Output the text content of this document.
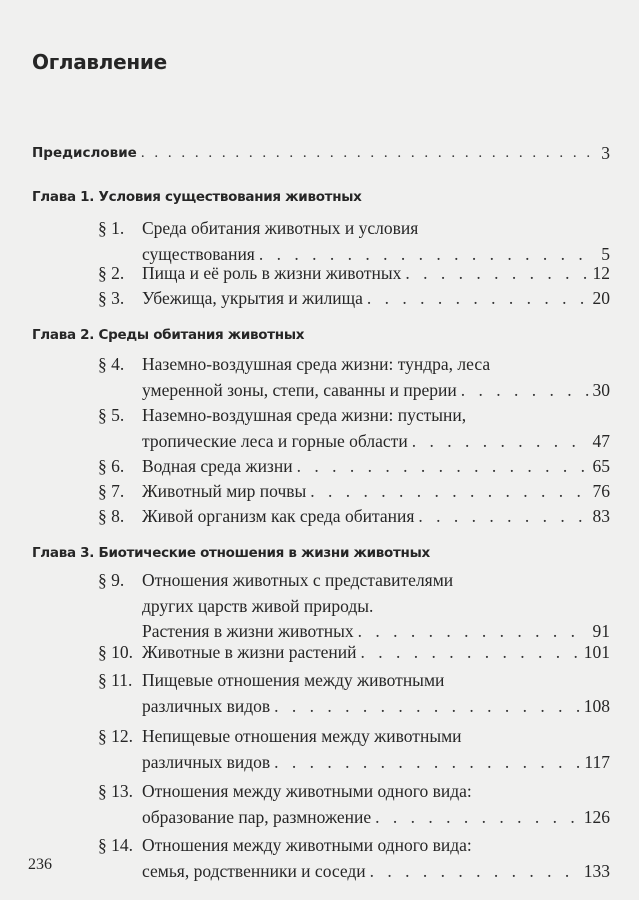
Оглавление
Предисловие . . .	3
Глава 1. Условия существования животных
§ 1. Среда обитания животных и условия
существования . . .	5
§ 2. Пища и её роль в жизни животных . . .	12
§ 3. Убежища, укрытия и жилища . . .	20
Глава 2. Среды обитания животных
§ 4. Наземно-воздушная среда жизни: тундра, леса
умеренной зоны, степи, саванны и прерии . . .	30
§ 5. Наземно-воздушная среда жизни: пустыни,
тропические леса и горные области . . .	47
§ 6. Водная среда жизни . . .	65
§ 7. Животный мир почвы . . .	76
§ 8. Живой организм как среда обитания . . .	83
Глава 3. Биотические отношения в жизни животных
§ 9. Отношения животных с представителями
других царств живой природы.
Растения в жизни животных . . .	91
§ 10. Животные в жизни растений . . .	101
§ 11. Пищевые отношения между животными
различных видов . . .	108
§ 12. Непищевые отношения между животными
различных видов . . .	117
§ 13. Отношения между животными одного вида:
образование пар, размножение . . .	126
§ 14. Отношения между животными одного вида:
семья, родственники и соседи . . .	133
236
